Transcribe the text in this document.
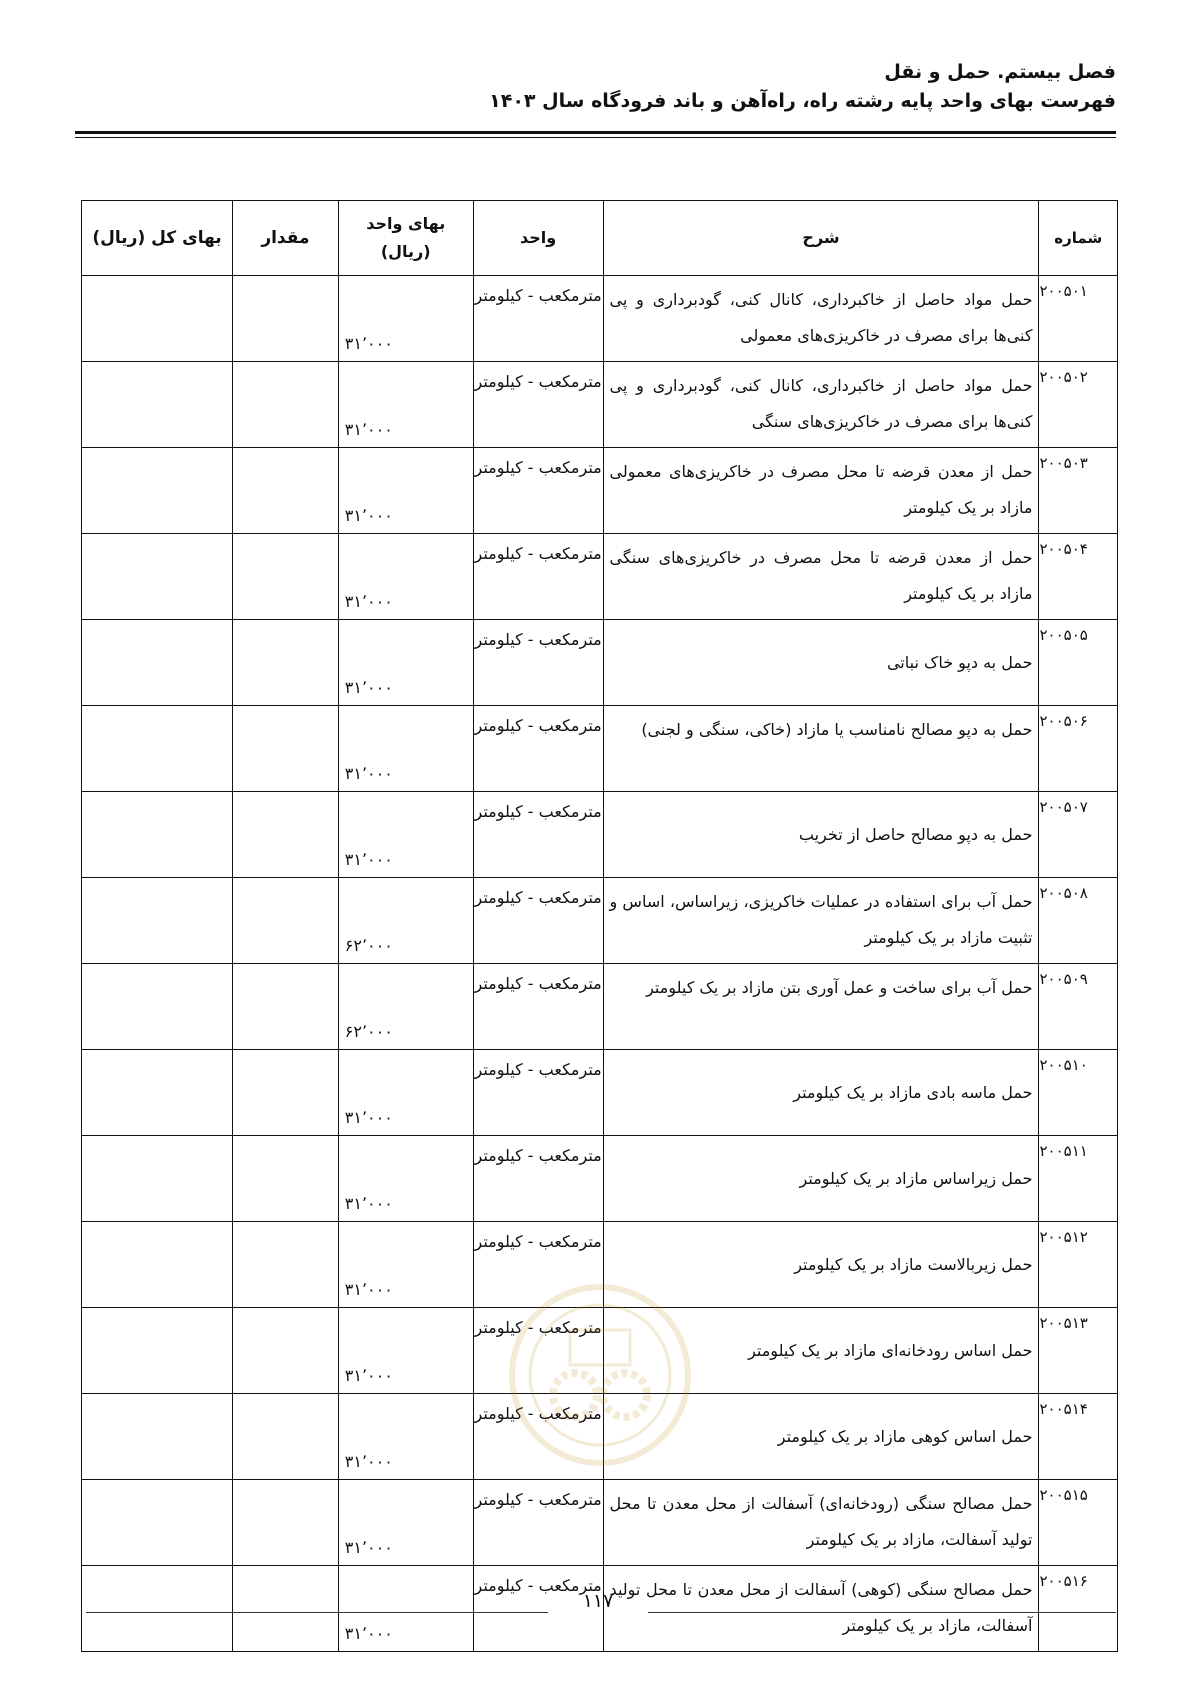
فصل بیستم. حمل و نقل
فهرست بهای واحد پایه رشته راه، راه‌آهن و باند فرودگاه سال ۱۴۰۳
شماره	شرح	واحد	بهای واحد (ریال)	مقدار	بهای کل (ریال)
۲۰۰۵۰۱	حمل مواد حاصل از خاکبرداری، کانال کنی، گودبرداری و پی کنی‌ها برای مصرف در خاکریزی‌های معمولی	مترمکعب - کیلومتر	۳۱٬۰۰۰		
۲۰۰۵۰۲	حمل مواد حاصل از خاکبرداری، کانال کنی، گودبرداری و پی کنی‌ها برای مصرف در خاکریزی‌های سنگی	مترمکعب - کیلومتر	۳۱٬۰۰۰		
۲۰۰۵۰۳	حمل از معدن قرضه تا محل مصرف در خاکریزی‌های معمولی مازاد بر یک کیلومتر	مترمکعب - کیلومتر	۳۱٬۰۰۰		
۲۰۰۵۰۴	حمل از معدن قرضه تا محل مصرف در خاکریزی‌های سنگی مازاد بر یک کیلومتر	مترمکعب - کیلومتر	۳۱٬۰۰۰		
۲۰۰۵۰۵	حمل به دپو خاک نباتی	مترمکعب - کیلومتر	۳۱٬۰۰۰		
۲۰۰۵۰۶	حمل به دپو مصالح نامناسب یا مازاد (خاکی، سنگی و لجنی)	مترمکعب - کیلومتر	۳۱٬۰۰۰		
۲۰۰۵۰۷	حمل به دپو مصالح حاصل از تخریب	مترمکعب - کیلومتر	۳۱٬۰۰۰		
۲۰۰۵۰۸	حمل آب برای استفاده در عملیات خاکریزی، زیراساس، اساس و تثبیت مازاد بر یک کیلومتر	مترمکعب - کیلومتر	۶۲٬۰۰۰		
۲۰۰۵۰۹	حمل آب برای ساخت و عمل آوری بتن مازاد بر یک کیلومتر	مترمکعب - کیلومتر	۶۲٬۰۰۰		
۲۰۰۵۱۰	حمل ماسه بادی مازاد بر یک کیلومتر	مترمکعب - کیلومتر	۳۱٬۰۰۰		
۲۰۰۵۱۱	حمل زیراساس مازاد بر یک کیلومتر	مترمکعب - کیلومتر	۳۱٬۰۰۰		
۲۰۰۵۱۲	حمل زیربالاست مازاد بر یک کیلومتر	مترمکعب - کیلومتر	۳۱٬۰۰۰		
۲۰۰۵۱۳	حمل اساس رودخانه‌ای مازاد بر یک کیلومتر	مترمکعب - کیلومتر	۳۱٬۰۰۰		
۲۰۰۵۱۴	حمل اساس کوهی مازاد بر یک کیلومتر	مترمکعب - کیلومتر	۳۱٬۰۰۰		
۲۰۰۵۱۵	حمل مصالح سنگی (رودخانه‌ای) آسفالت از محل معدن تا محل تولید آسفالت، مازاد بر یک کیلومتر	مترمکعب - کیلومتر	۳۱٬۰۰۰		
۲۰۰۵۱۶	حمل مصالح سنگی (کوهی) آسفالت از محل معدن تا محل تولید آسفالت، مازاد بر یک کیلومتر	مترمکعب - کیلومتر	۳۱٬۰۰۰		
۱۱۷
